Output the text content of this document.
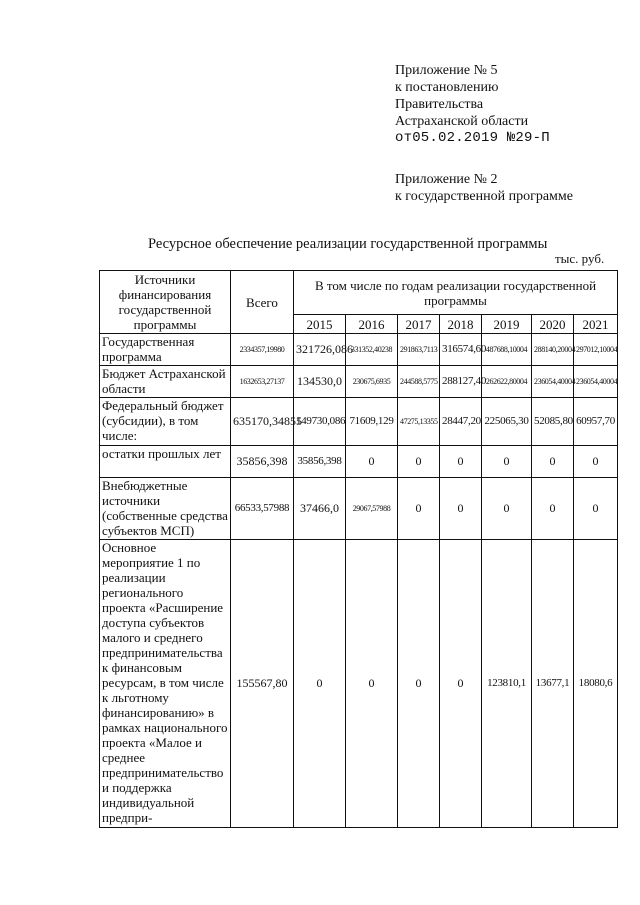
Приложение № 5
к постановлению
Правительства
Астраханской области
от05.02.2019 №29-П
Приложение № 2
к государственной программе
Ресурсное обеспечение реализации государственной программы
тыс. руб.
Источники финансирования государственной программы	Всего	В том числе по годам реализации государственной программы						
		2015	2016	2017	2018	2019	2020	2021
Государственная программа	2334357,19980	321726,086	331352,40238	291863,7113	316574,60	487688,10004	288140,20004	297012,10004
Бюджет Астраханской области	1632653,27137	134530,0	230675,6935	244588,5775	288127,40	262622,80004	236054,40004	236054,40004
Федеральный бюджет (субсидии), в том числе:	635170,34855	149730,086	71609,129	47275,13355	28447,20	225065,30	52085,80	60957,70
остатки прошлых лет	35856,398	35856,398	0	0	0	0	0	0
Внебюджетные источники (собственные средства субъектов МСП)	66533,57988	37466,0	29067,57988	0	0	0	0	0
Основное мероприятие 1 по реализации регионального проекта «Расширение доступа субъектов малого и среднего предпринимательства к финансовым ресурсам, в том числе к льготному финансированию» в рамках национального проекта «Малое и среднее предпринимательство и поддержка индивидуальной предпри-	155567,80	0	0	0	0	123810,1	13677,1	18080,6
